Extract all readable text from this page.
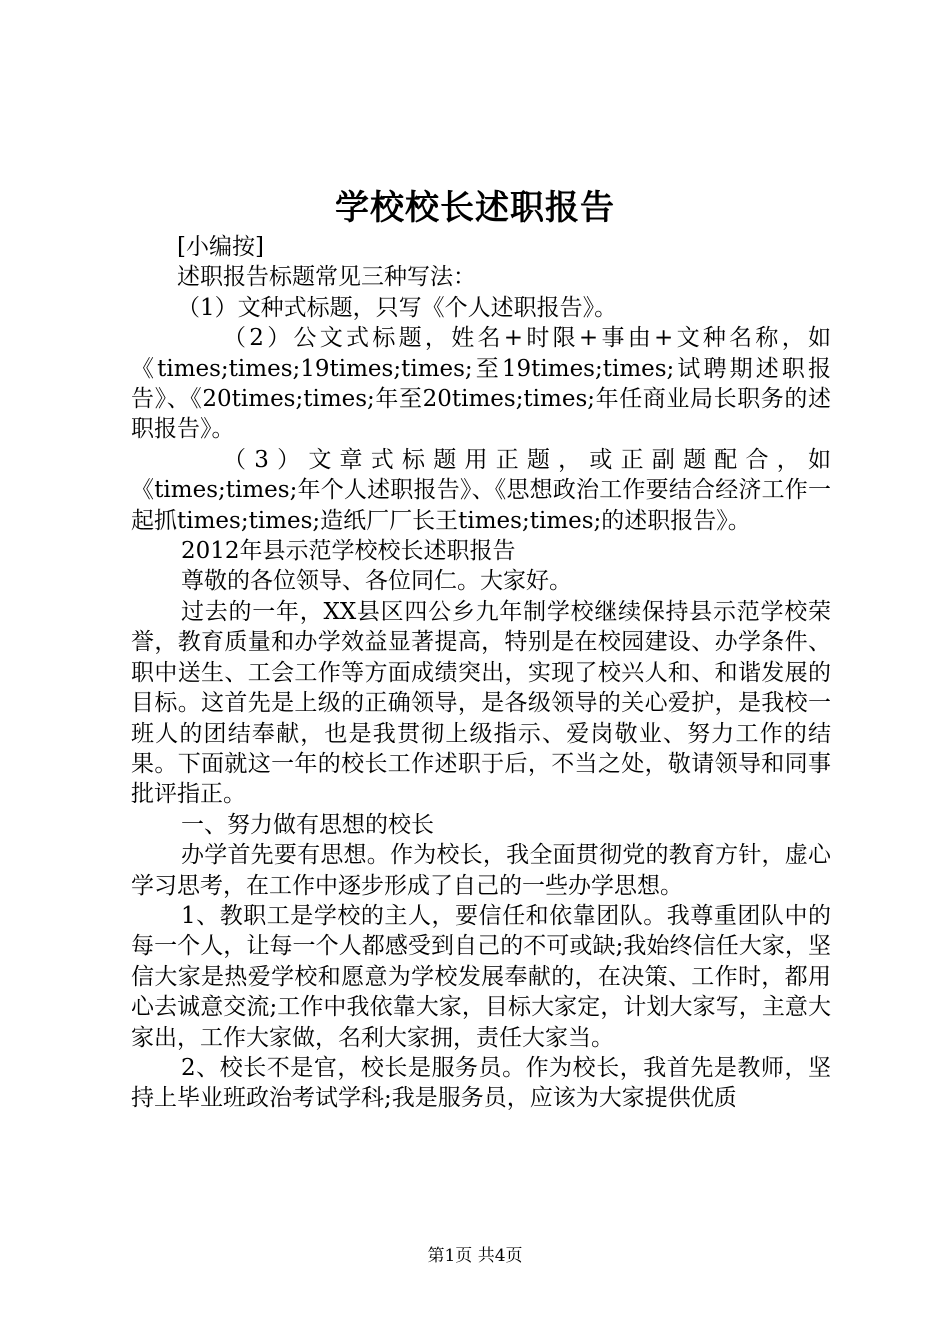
学校校长述职报告

[小编按]

述职报告标题常见三种写法：

（1）文种式标题，只写《个人述职报告》。

（2）公文式标题，姓名+时限+事由+文种名称，如《times;times;19times;times;至19times;times;试聘期述职报告》、《20times;times;年至20times;times;年任商业局长职务的述职报告》。

（3）文章式标题用正题，或正副题配合，如《times;times;年个人述职报告》、《思想政治工作要结合经济工作一起抓times;times;造纸厂厂长王times;times;的述职报告》。

2012年县示范学校校长述职报告

尊敬的各位领导、各位同仁。大家好。

过去的一年，XX县区四公乡九年制学校继续保持县示范学校荣誉，教育质量和办学效益显著提高，特别是在校园建设、办学条件、职中送生、工会工作等方面成绩突出，实现了校兴人和、和谐发展的目标。这首先是上级的正确领导，是各级领导的关心爱护，是我校一班人的团结奉献，也是我贯彻上级指示、爱岗敬业、努力工作的结果。下面就这一年的校长工作述职于后，不当之处，敬请领导和同事批评指正。

一、努力做有思想的校长

办学首先要有思想。作为校长，我全面贯彻党的教育方针，虚心学习思考，在工作中逐步形成了自己的一些办学思想。

1、教职工是学校的主人，要信任和依靠团队。我尊重团队中的每一个人，让每一个人都感受到自己的不可或缺;我始终信任大家，坚信大家是热爱学校和愿意为学校发展奉献的，在决策、工作时，都用心去诚意交流;工作中我依靠大家，目标大家定，计划大家写，主意大家出，工作大家做，名利大家拥，责任大家当。

2、校长不是官，校长是服务员。作为校长，我首先是教师，坚持上毕业班政治考试学科;我是服务员，应该为大家提供优质

第1页 共4页
